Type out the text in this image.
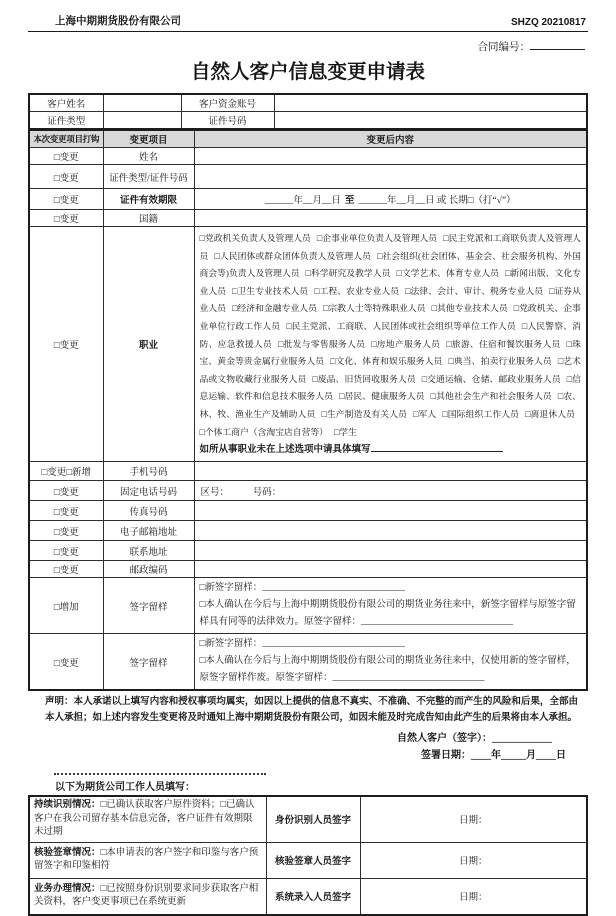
上海中期期货股份有限公司	SHZQ 20210817
合同编号：
自然人客户信息变更申请表
客户姓名		客户资金账号	
证件类型		证件号码	
本次变更项目打钩	变更项目	变更后内容
□变更	姓名	
□变更	证件类型/证件号码	
□变更	证件有效期限	______年__月__日 至 ______年__月__日 或 长期□（打“√”）
□变更	国籍	
□变更	职业	□党政机关负责人及管理人员 □企事业单位负责人及管理人员 □民主党派和工商联负责人及管理人员 □人民团体或群众团体负责人及管理人员 □社会组织(社会团体、基金会、社会服务机构、外国商会等)负责人及管理人员 □科学研究及教学人员 □文学艺术、体育专业人员 □新闻出版、文化专业人员 □卫生专业技术人员 □工程、农业专业人员 □法律、会计、审计、税务专业人员 □证券从业人员 □经济和金融专业人员 □宗教人士等特殊职业人员 □其他专业技术人员 □党政机关、企事业单位行政工作人员 □民主党派、工商联、人民团体或社会组织等单位工作人员 □人民警察、消防、应急救援人员 □批发与零售服务人员 □房地产服务人员 □旅游、住宿和餐饮服务人员 □珠宝、黄金等贵金属行业服务人员 □文化、体育和娱乐服务人员 □典当、拍卖行业服务人员 □艺术品或文物收藏行业服务人员 □废品、旧货回收服务人员 □交通运输、仓储、邮政业服务人员 □信息运输、软件和信息技术服务人员 □居民、健康服务人员 □其他社会生产和社会服务人员 □农、林、牧、渔业生产及辅助人员 □生产制造及有关人员 □军人 □国际组织工作人员 □离退休人员□个体工商户（含淘宝店自营等） □学生
如所从事职业未在上述选项中请具体填写

□变更□新增	手机号码	
□变更	固定电话号码	区号：　　　号码：
□变更	传真号码	
□变更	电子邮箱地址	
□变更	联系地址	
□变更	邮政编码	
□增加	签字留样	□新签字留样：______________________________
□本人确认在今后与上海中期期货股份有限公司的期货业务往来中，新签字留样与原签字留样具有同等的法律效力。原签字留样：________________________________

□变更	签字留样	□新签字留样：______________________________
□本人确认在今后与上海中期期货股份有限公司的期货业务往来中，仅使用新的签字留样，原签字留样作废。原签字留样：________________________________
声明：本人承诺以上填写内容和授权事项均属实，如因以上提供的信息不真实、不准确、不完整的而产生的风险和后果，全部由本人承担；如上述内容发生变更将及时通知上海中期期货股份有限公司，如因未能及时完成告知由此产生的后果将由本人承担。
自然人客户（签字）：____________
签署日期：____年_____月____日
以下为期货公司工作人员填写：
持续识别情况：□已确认获取客户原件资料；□已确认客户在我公司留存基本信息完备，客户证件有效期限未过期	身份识别人员签字	日期：
核验签章情况：□本申请表的客户签字和印鉴与客户预留签字和印鉴相符	核验签章人员签字	日期：
业务办理情况：□已按照身份识别要求同步获取客户相关资料，客户变更事项已在系统更新	系统录入人员签字	日期：
